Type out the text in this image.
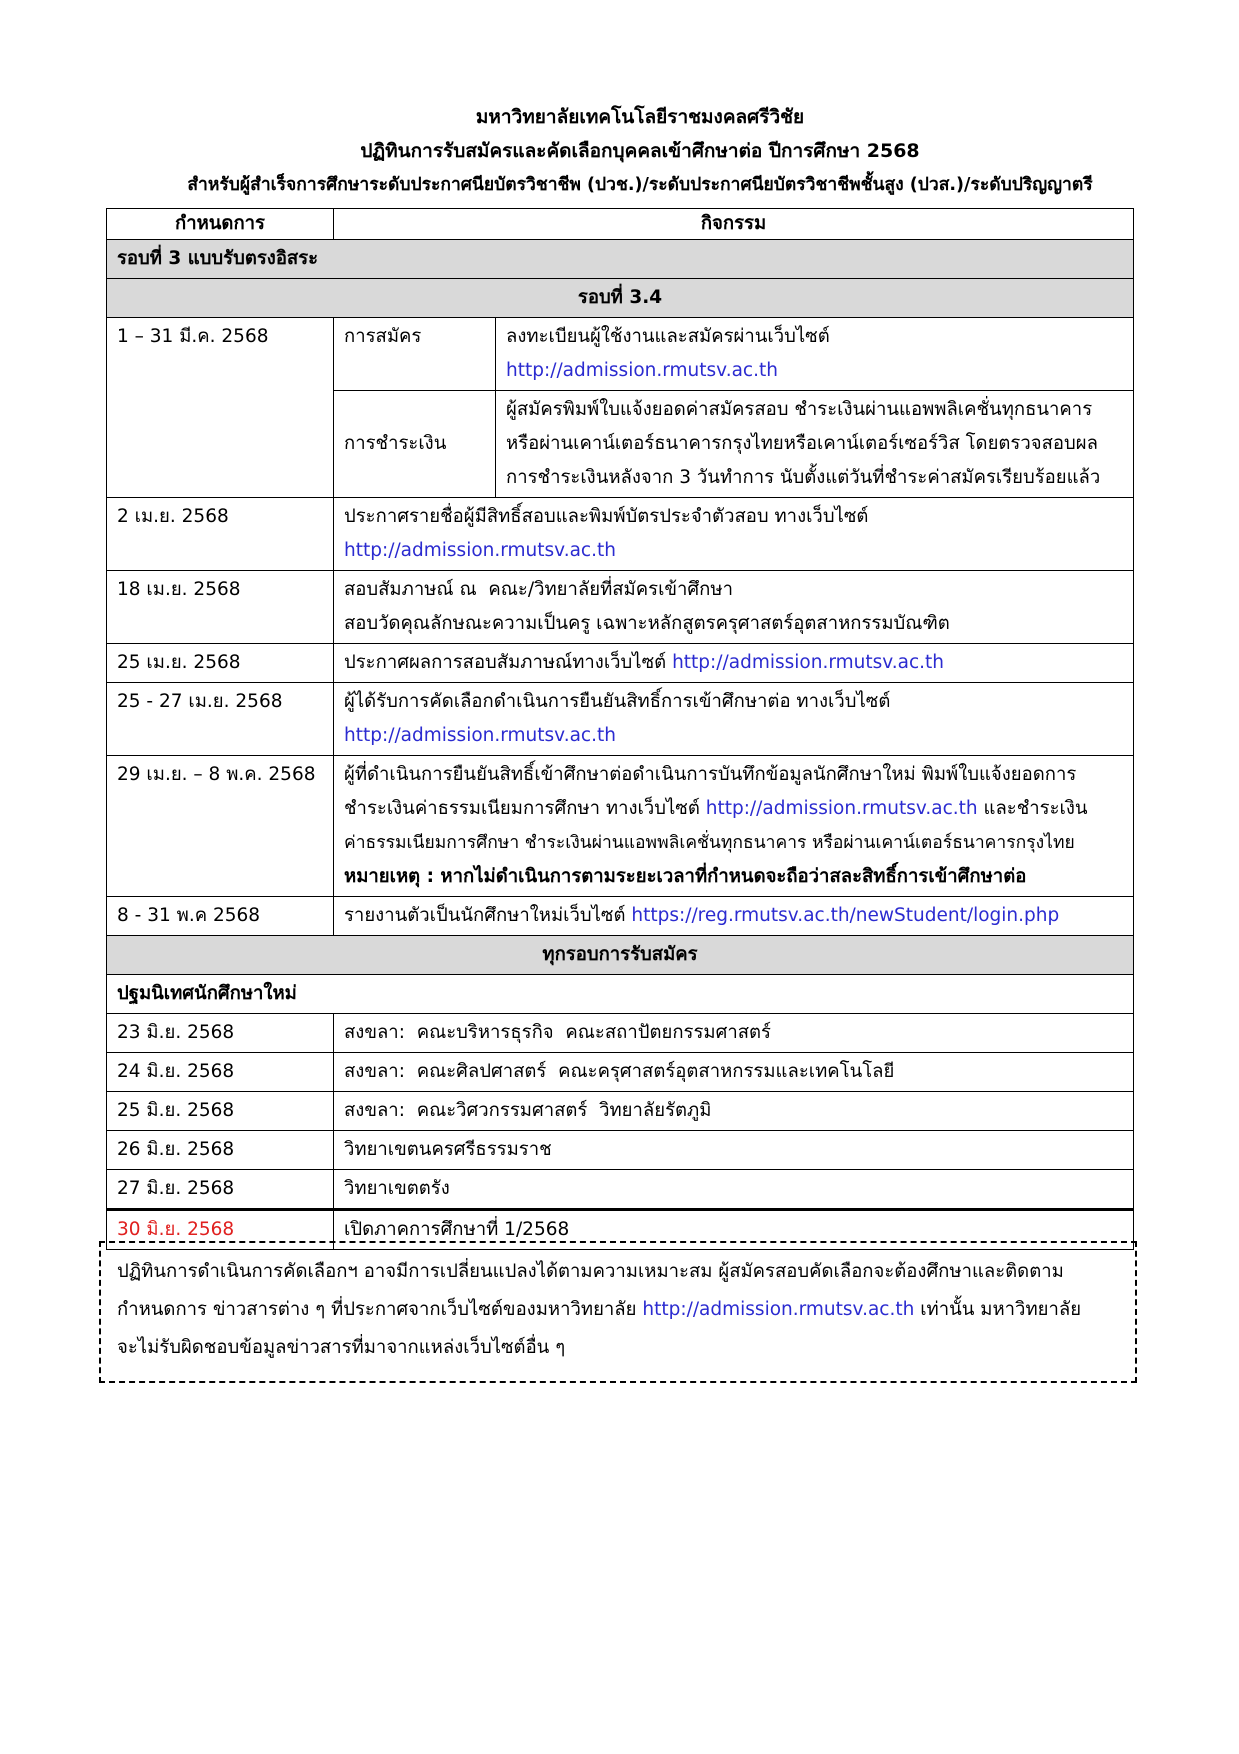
มหาวิทยาลัยเทคโนโลยีราชมงคลศรีวิชัย
ปฏิทินการรับสมัครและคัดเลือกบุคคลเข้าศึกษาต่อ ปีการศึกษา 2568
สำหรับผู้สำเร็จการศึกษาระดับประกาศนียบัตรวิชาชีพ (ปวช.)/ระดับประกาศนียบัตรวิชาชีพชั้นสูง (ปวส.)/ระดับปริญญาตรี
กำหนดการ	กิจกรรม	
รอบที่ 3 แบบรับตรงอิสระ		
รอบที่ 3.4		
1 – 31 มี.ค. 2568	การสมัคร	ลงทะเบียนผู้ใช้งานและสมัครผ่านเว็บไซต์
http://admission.rmutsv.ac.th

	การชำระเงิน	ผู้สมัครพิมพ์ใบแจ้งยอดค่าสมัครสอบ ชำระเงินผ่านแอพพลิเคชั่นทุกธนาคาร
หรือผ่านเคาน์เตอร์ธนาคารกรุงไทยหรือเคาน์เตอร์เซอร์วิส โดยตรวจสอบผล
การชำระเงินหลังจาก 3 วันทำการ นับตั้งแต่วันที่ชำระค่าสมัครเรียบร้อยแล้ว

2 เม.ย. 2568	ประกาศรายชื่อผู้มีสิทธิ์สอบและพิมพ์บัตรประจำตัวสอบ ทางเว็บไซต์
http://admission.rmutsv.ac.th	

18 เม.ย. 2568	สอบสัมภาษณ์ ณ  คณะ/วิทยาลัยที่สมัครเข้าศึกษา
สอบวัดคุณลักษณะความเป็นครู เฉพาะหลักสูตรครุศาสตร์อุตสาหกรรมบัณฑิต	

25 เม.ย. 2568	ประกาศผลการสอบสัมภาษณ์ทางเว็บไซต์ http://admission.rmutsv.ac.th	
25 - 27 เม.ย. 2568	ผู้ได้รับการคัดเลือกดำเนินการยืนยันสิทธิ์การเข้าศึกษาต่อ ทางเว็บไซต์
http://admission.rmutsv.ac.th	

29 เม.ย. – 8 พ.ค. 2568	ผู้ที่ดำเนินการยืนยันสิทธิ์เข้าศึกษาต่อดำเนินการบันทึกข้อมูลนักศึกษาใหม่ พิมพ์ใบแจ้งยอดการ
ชำระเงินค่าธรรมเนียมการศึกษา ทางเว็บไซต์ http://admission.rmutsv.ac.th และชำระเงิน
ค่าธรรมเนียมการศึกษา ชำระเงินผ่านแอพพลิเคชั่นทุกธนาคาร หรือผ่านเคาน์เตอร์ธนาคารกรุงไทย
หมายเหตุ : หากไม่ดำเนินการตามระยะเวลาที่กำหนดจะถือว่าสละสิทธิ์การเข้าศึกษาต่อ	

8 - 31 พ.ค 2568	รายงานตัวเป็นนักศึกษาใหม่เว็บไซต์ https://reg.rmutsv.ac.th/newStudent/login.php	
ทุกรอบการรับสมัคร		
ปฐมนิเทศนักศึกษาใหม่		
23 มิ.ย. 2568	สงขลา:  คณะบริหารธุรกิจ  คณะสถาปัตยกรรมศาสตร์	
24 มิ.ย. 2568	สงขลา:  คณะศิลปศาสตร์  คณะครุศาสตร์อุตสาหกรรมและเทคโนโลยี	
25 มิ.ย. 2568	สงขลา:  คณะวิศวกรรมศาสตร์  วิทยาลัยรัตภูมิ	
26 มิ.ย. 2568	วิทยาเขตนครศรีธรรมราช	
27 มิ.ย. 2568	วิทยาเขตตรัง	
30 มิ.ย. 2568	เปิดภาคการศึกษาที่ 1/2568	
ปฏิทินการดำเนินการคัดเลือกฯ อาจมีการเปลี่ยนแปลงได้ตามความเหมาะสม ผู้สมัครสอบคัดเลือกจะต้องศึกษาและติดตาม
กำหนดการ ข่าวสารต่าง ๆ ที่ประกาศจากเว็บไซต์ของมหาวิทยาลัย http://admission.rmutsv.ac.th เท่านั้น มหาวิทยาลัย
จะไม่รับผิดชอบข้อมูลข่าวสารที่มาจากแหล่งเว็บไซต์อื่น ๆ
